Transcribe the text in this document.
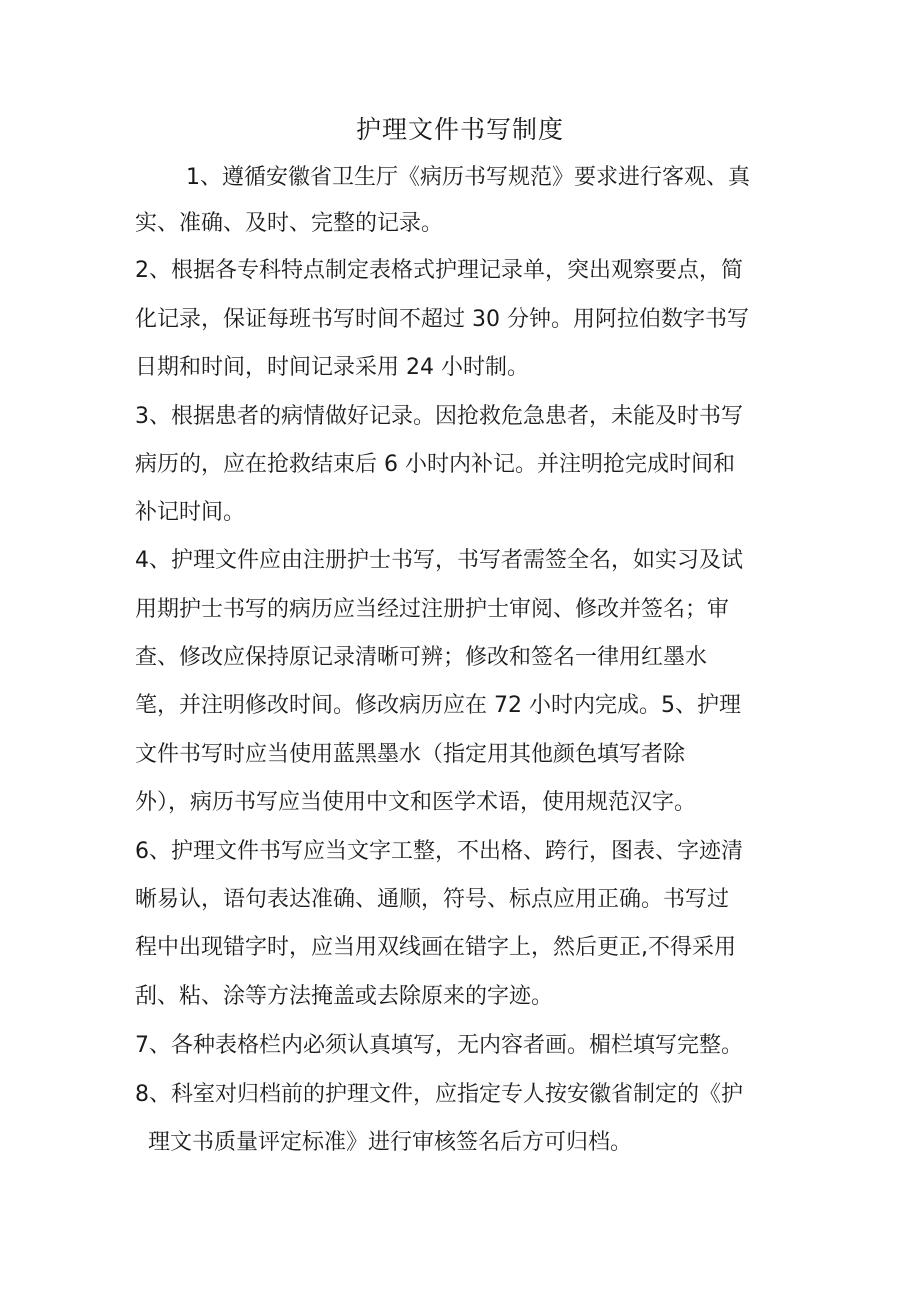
护理文件书写制度
1、遵循安徽省卫生厅《病历书写规范》要求进行客观、真
实、准确、及时、完整的记录。
2、根据各专科特点制定表格式护理记录单，突出观察要点，简
化记录，保证每班书写时间不超过 30 分钟。用阿拉伯数字书写
日期和时间，时间记录采用 24 小时制。
3、根据患者的病情做好记录。因抢救危急患者，未能及时书写
病历的，应在抢救结束后 6 小时内补记。并注明抢完成时间和
补记时间。
4、护理文件应由注册护士书写，书写者需签全名，如实习及试
用期护士书写的病历应当经过注册护士审阅、修改并签名；审
查、修改应保持原记录清晰可辨；修改和签名一律用红墨水
笔，并注明修改时间。修改病历应在 72 小时内完成。5、护理
文件书写时应当使用蓝黑墨水（指定用其他颜色填写者除
外），病历书写应当使用中文和医学术语，使用规范汉字。
6、护理文件书写应当文字工整，不出格、跨行，图表、字迹清
晰易认，语句表达准确、通顺，符号、标点应用正确。书写过
程中出现错字时，应当用双线画在错字上，然后更正,不得采用
刮、粘、涂等方法掩盖或去除原来的字迹。
7、各种表格栏内必须认真填写，无内容者画。楣栏填写完整。
8、科室对归档前的护理文件，应指定专人按安徽省制定的《护
理文书质量评定标准》进行审核签名后方可归档。
